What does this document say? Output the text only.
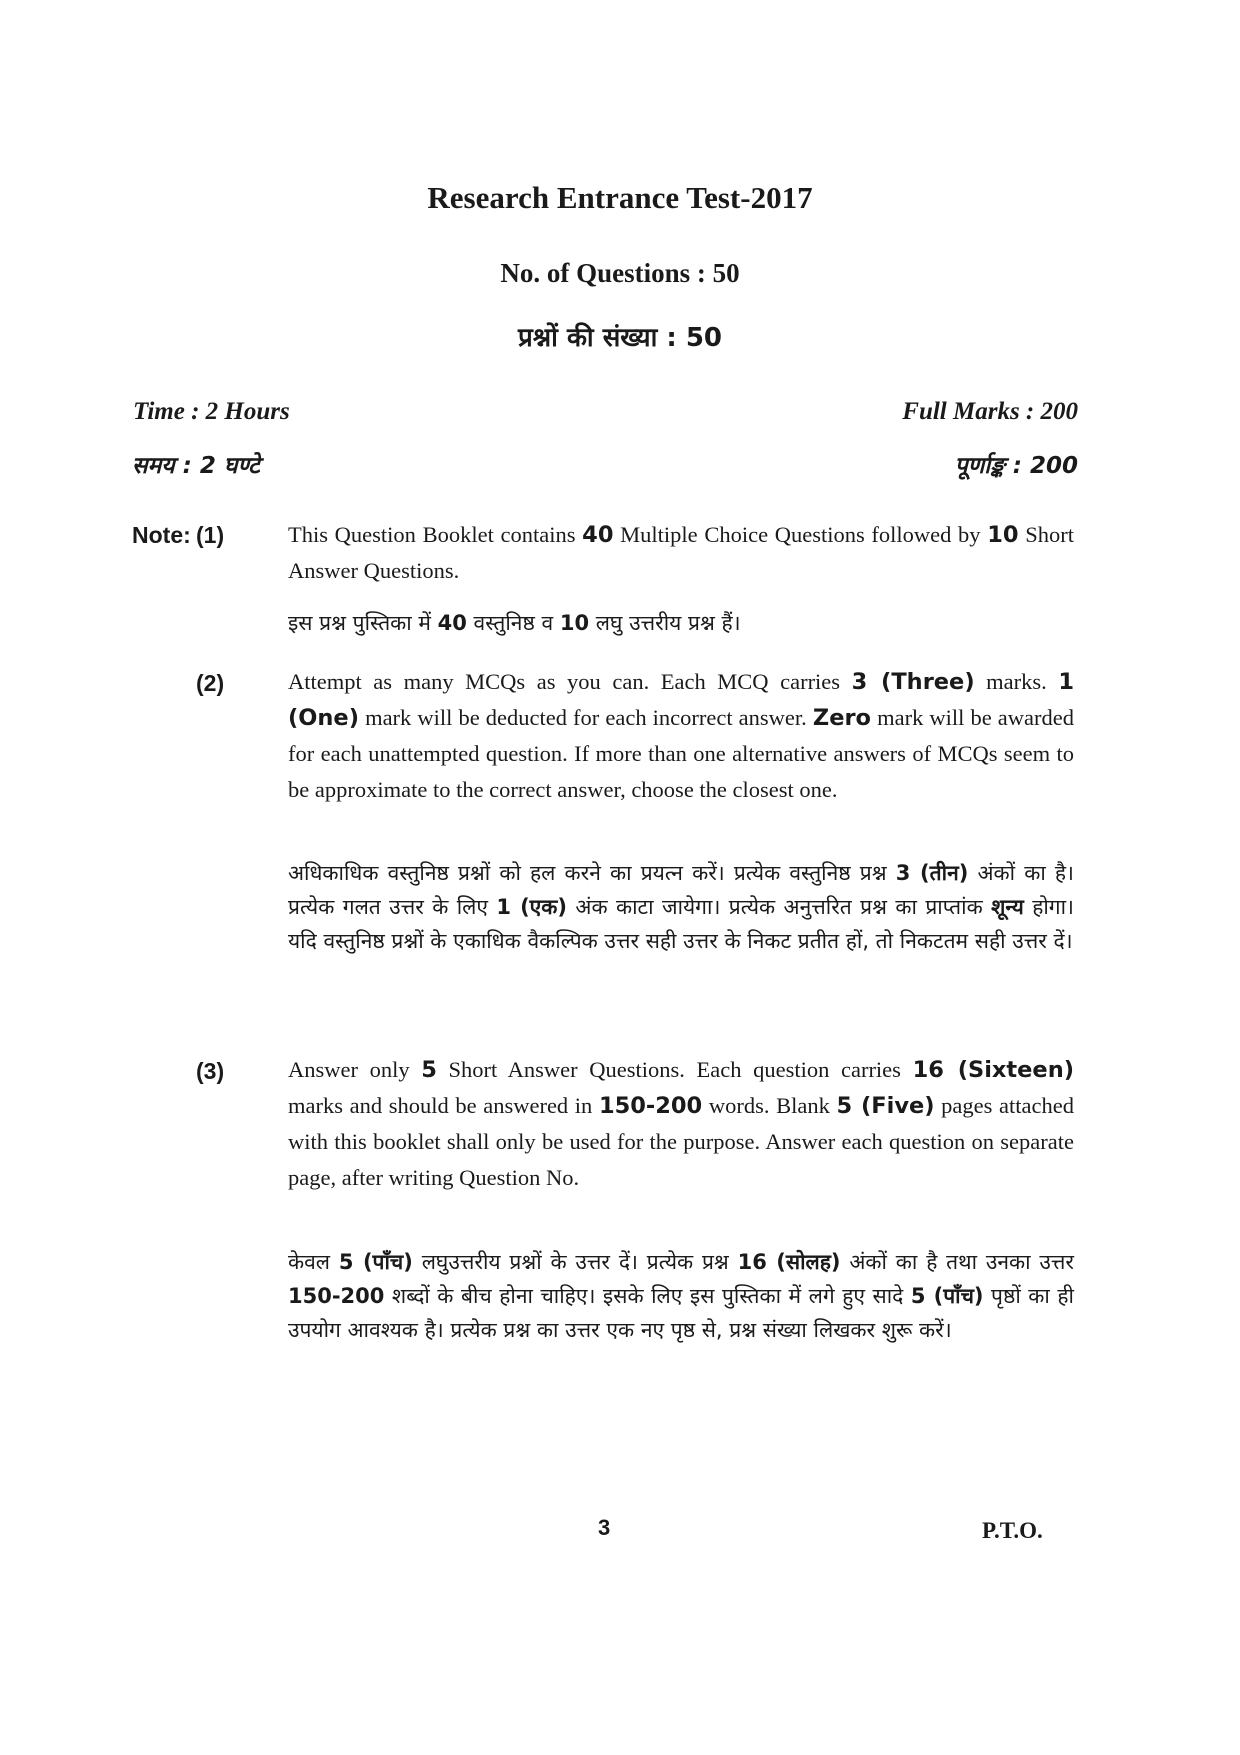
Research Entrance Test-2017
No. of Questions : 50
प्रश्नों की संख्या : 50
Time : 2 Hours
समय : 2 घण्टे
Full Marks : 200
पूर्णाङ्क : 200
Note: (1)	This Question Booklet contains 40 Multiple Choice Questions followed by 10 Short Answer Questions.
इस प्रश्न पुस्तिका में 40 वस्तुनिष्ठ व 10 लघु उत्तरीय प्रश्न हैं।
(2)	Attempt as many MCQs as you can. Each MCQ carries 3 (Three) marks. 1 (One) mark will be deducted for each incorrect answer. Zero mark will be awarded for each unattempted question. If more than one alternative answers of MCQs seem to be approximate to the correct answer, choose the closest one.
अधिकाधिक वस्तुनिष्ठ प्रश्नों को हल करने का प्रयत्न करें। प्रत्येक वस्तुनिष्ठ प्रश्न 3 (तीन) अंकों का है। प्रत्येक गलत उत्तर के लिए 1 (एक) अंक काटा जायेगा। प्रत्येक अनुत्तरित प्रश्न का प्राप्तांक शून्य होगा। यदि वस्तुनिष्ठ प्रश्नों के एकाधिक वैकल्पिक उत्तर सही उत्तर के निकट प्रतीत हों, तो निकटतम सही उत्तर दें।
(3)	Answer only 5 Short Answer Questions. Each question carries 16 (Sixteen) marks and should be answered in 150-200 words. Blank 5 (Five) pages attached with this booklet shall only be used for the purpose. Answer each question on separate page, after writing Question No.
केवल 5 (पाँच) लघुउत्तरीय प्रश्नों के उत्तर दें। प्रत्येक प्रश्न 16 (सोलह) अंकों का है तथा उनका उत्तर 150-200 शब्दों के बीच होना चाहिए। इसके लिए इस पुस्तिका में लगे हुए सादे 5 (पाँच) पृष्ठों का ही उपयोग आवश्यक है। प्रत्येक प्रश्न का उत्तर एक नए पृष्ठ से, प्रश्न संख्या लिखकर शुरू करें।
3	P.T.O.
